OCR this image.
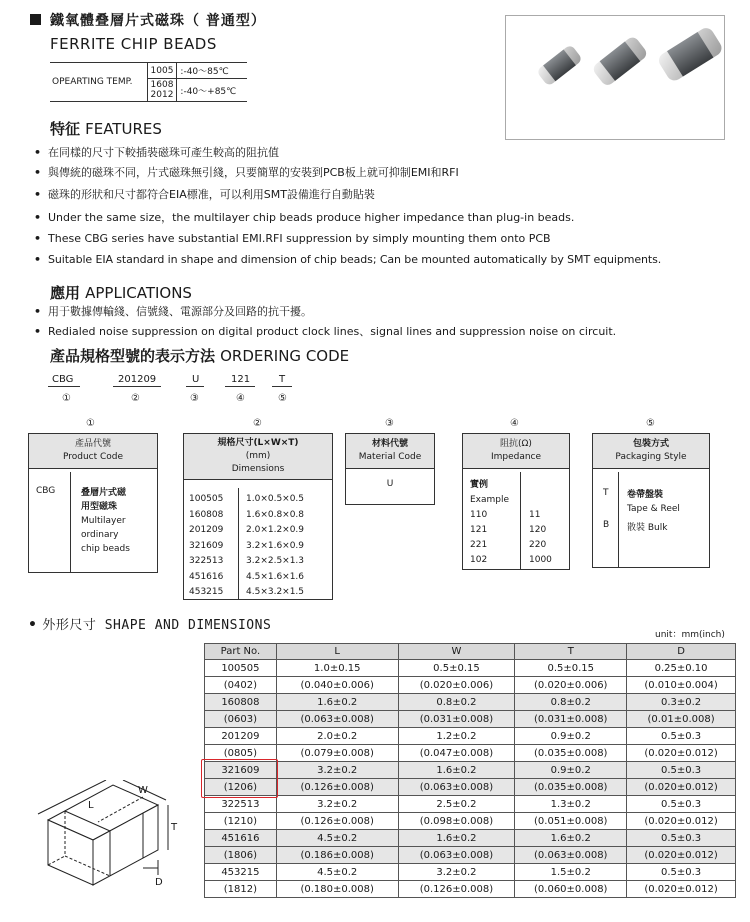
鐵氧體叠層片式磁珠（ 普通型）
FERRITE CHIP BEADS
OPEARTING TEMP.	1005	:-40～85℃
	1608
2012	:-40～+85℃
特征 FEATURES
• 在同樣的尺寸下較插裝磁珠可產生較高的阻抗值
• 與傳統的磁珠不同，片式磁珠無引綫，只要簡單的安裝到PCB板上就可抑制EMI和RFI
• 磁珠的形狀和尺寸都符合EIA標准，可以利用SMT設備進行自動貼裝
• Under the same size，the multilayer chip beads produce higher impedance than plug-in beads.
• These CBG series have substantial EMI.RFI suppression by simply mounting them onto PCB
• Suitable EIA standard in shape and dimension of chip beads; Can be mounted automatically by SMT equipments.
應用 APPLICATIONS
• 用于數據傳輸綫、信號綫、電源部分及回路的抗干擾。
• Redialed noise suppression on digital product clock lines、signal lines and suppression noise on circuit.
產品規格型號的表示方法 ORDERING CODE
CBG	201209	U	121	T
①	②	③	④	⑤
①	②	③	④	⑤
產品代號
Product Code
CBG	叠層片式磁
用型磁珠
Multilayer
ordinary
chip beads
規格尺寸(L×W×T)
(mm)
Dimensions
100505	1.0×0.5×0.5
160808	1.6×0.8×0.8
201209	2.0×1.2×0.9
321609	3.2×1.6×0.9
322513	3.2×2.5×1.3
451616	4.5×1.6×1.6
453215	4.5×3.2×1.5
材料代號
Material Code
U
阻抗(Ω)
Impedance
實例
Example
110	11
121	120
221	220
102	1000
包裝方式
Packaging Style
T 卷帶盤裝
Tape & Reel
B 散裝 Bulk
• 外形尺寸 SHAPE AND DIMENSIONS
unit：mm(inch)
L
W
T
D
Part No.	L	W	T	D
100505	1.0±0.15	0.5±0.15	0.5±0.15	0.25±0.10
(0402)	(0.040±0.006)	(0.020±0.006)	(0.020±0.006)	(0.010±0.004)
160808	1.6±0.2	0.8±0.2	0.8±0.2	0.3±0.2
(0603)	(0.063±0.008)	(0.031±0.008)	(0.031±0.008)	(0.01±0.008)
201209	2.0±0.2	1.2±0.2	0.9±0.2	0.5±0.3
(0805)	(0.079±0.008)	(0.047±0.008)	(0.035±0.008)	(0.020±0.012)
321609	3.2±0.2	1.6±0.2	0.9±0.2	0.5±0.3
(1206)	(0.126±0.008)	(0.063±0.008)	(0.035±0.008)	(0.020±0.012)
322513	3.2±0.2	2.5±0.2	1.3±0.2	0.5±0.3
(1210)	(0.126±0.008)	(0.098±0.008)	(0.051±0.008)	(0.020±0.012)
451616	4.5±0.2	1.6±0.2	1.6±0.2	0.5±0.3
(1806)	(0.186±0.008)	(0.063±0.008)	(0.063±0.008)	(0.020±0.012)
453215	4.5±0.2	3.2±0.2	1.5±0.2	0.5±0.3
(1812)	(0.180±0.008)	(0.126±0.008)	(0.060±0.008)	(0.020±0.012)
